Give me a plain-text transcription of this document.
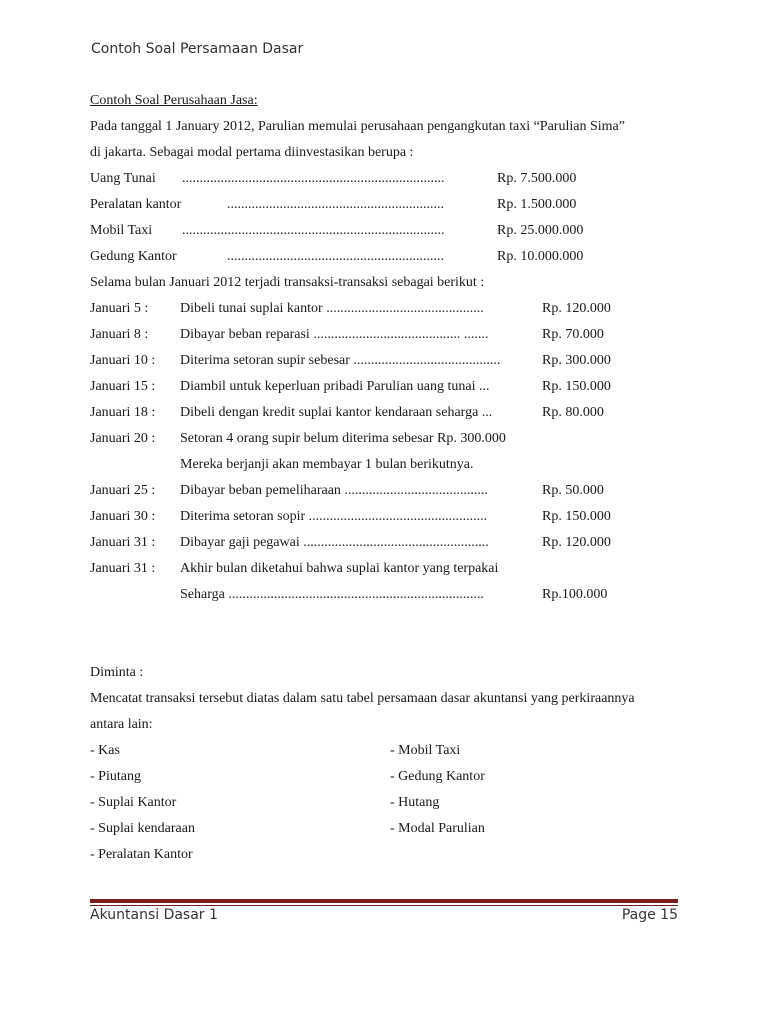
Contoh Soal Persamaan Dasar
Contoh Soal Perusahaan Jasa:
Pada tanggal 1 January 2012, Parulian memulai perusahaan pengangkutan taxi “Parulian Sima”
di jakarta. Sebagai modal pertama diinvestasikan berupa :
Uang Tunai ...........................................................................	Rp. 7.500.000
Peralatan kantor	..............................................................	Rp. 1.500.000
Mobil Taxi ...........................................................................	Rp. 25.000.000
Gedung Kantor	..............................................................	Rp. 10.000.000
Selama bulan Januari 2012 terjadi transaksi-transaksi sebagai berikut :
Januari 5 : Dibeli tunai suplai kantor .............................................	Rp. 120.000
Januari 8 : Dibayar beban reparasi .......................................... .......	Rp. 70.000
Januari 10 : Diterima setoran supir sebesar ..........................................	Rp. 300.000
Januari 15 : Diambil untuk keperluan pribadi Parulian uang tunai ...	Rp. 150.000
Januari 18 : Dibeli dengan kredit suplai kantor kendaraan seharga ...	Rp. 80.000
Januari 20 : Setoran 4 orang supir belum diterima sebesar Rp. 300.000
Mereka berjanji akan membayar 1 bulan berikutnya.
Januari 25 : Dibayar beban pemeliharaan .........................................	Rp. 50.000
Januari 30 : Diterima setoran sopir ...................................................	Rp. 150.000
Januari 31 : Dibayar gaji pegawai .....................................................	Rp. 120.000
Januari 31 : Akhir bulan diketahui bahwa suplai kantor yang terpakai
Seharga .........................................................................	Rp.100.000
Diminta :
Mencatat transaksi tersebut diatas dalam satu tabel persamaan dasar akuntansi yang perkiraannya
antara lain:
- Kas	- Mobil Taxi
- Piutang	- Gedung Kantor
- Suplai Kantor	- Hutang
- Suplai kendaraan	- Modal Parulian
- Peralatan Kantor
Akuntansi Dasar 1	Page 15
